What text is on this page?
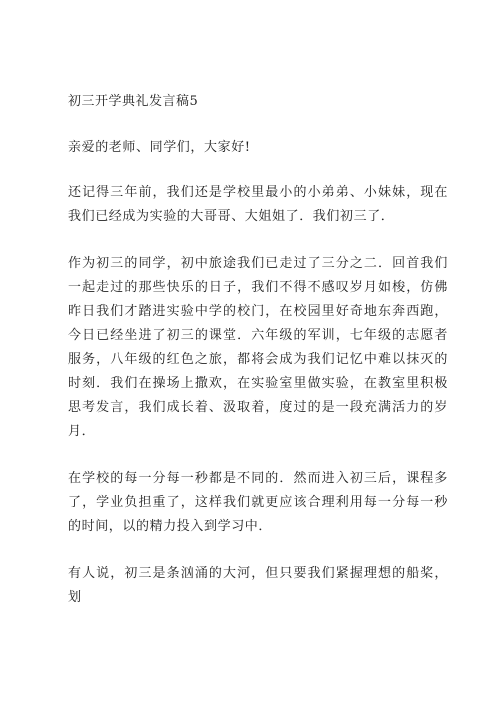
初三开学典礼发言稿5
亲爱的老师、同学们，大家好!
还记得三年前，我们还是学校里最小的小弟弟、小妹妹，现在我们已经成为实验的大哥哥、大姐姐了．我们初三了．
作为初三的同学，初中旅途我们已走过了三分之二．回首我们一起走过的那些快乐的日子，我们不得不感叹岁月如梭，仿佛昨日我们才踏进实验中学的校门，在校园里好奇地东奔西跑，今日已经坐进了初三的课堂．六年级的军训，七年级的志愿者服务，八年级的红色之旅，都将会成为我们记忆中难以抹灭的时刻．我们在操场上撒欢，在实验室里做实验，在教室里积极思考发言，我们成长着、汲取着，度过的是一段充满活力的岁月．
在学校的每一分每一秒都是不同的．然而进入初三后，课程多了，学业负担重了，这样我们就更应该合理利用每一分每一秒的时间，以的精力投入到学习中．
有人说，初三是条汹涌的大河，但只要我们紧握理想的船桨，划
